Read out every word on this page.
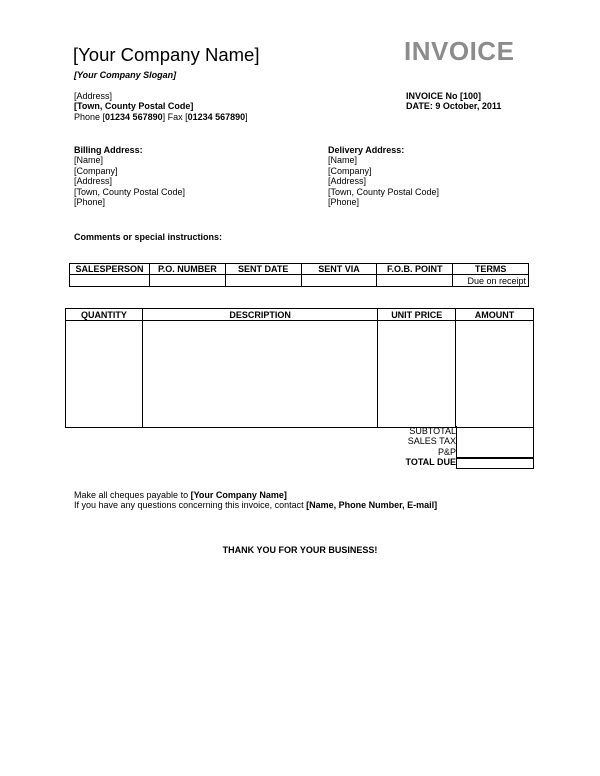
[Your Company Name]
[Your Company Slogan]
INVOICE
[Address]
[Town, County Postal Code]
Phone [01234 567890] Fax [01234 567890]
INVOICE No [100]
DATE: 9 October, 2011
Billing Address:
[Name]
[Company]
[Address]
[Town, County Postal Code]
[Phone]
Delivery Address:
[Name]
[Company]
[Address]
[Town, County Postal Code]
[Phone]
Comments or special instructions:
SALESPERSON	P.O. NUMBER	SENT DATE	SENT VIA	F.O.B. POINT	TERMS
					Due on receipt
QUANTITY	DESCRIPTION	UNIT PRICE	AMOUNT

SUBTOTAL
SALES TAX
P&P
TOTAL DUE
Make all cheques payable to [Your Company Name]
If you have any questions concerning this invoice, contact [Name, Phone Number, E-mail]
THANK YOU FOR YOUR BUSINESS!
